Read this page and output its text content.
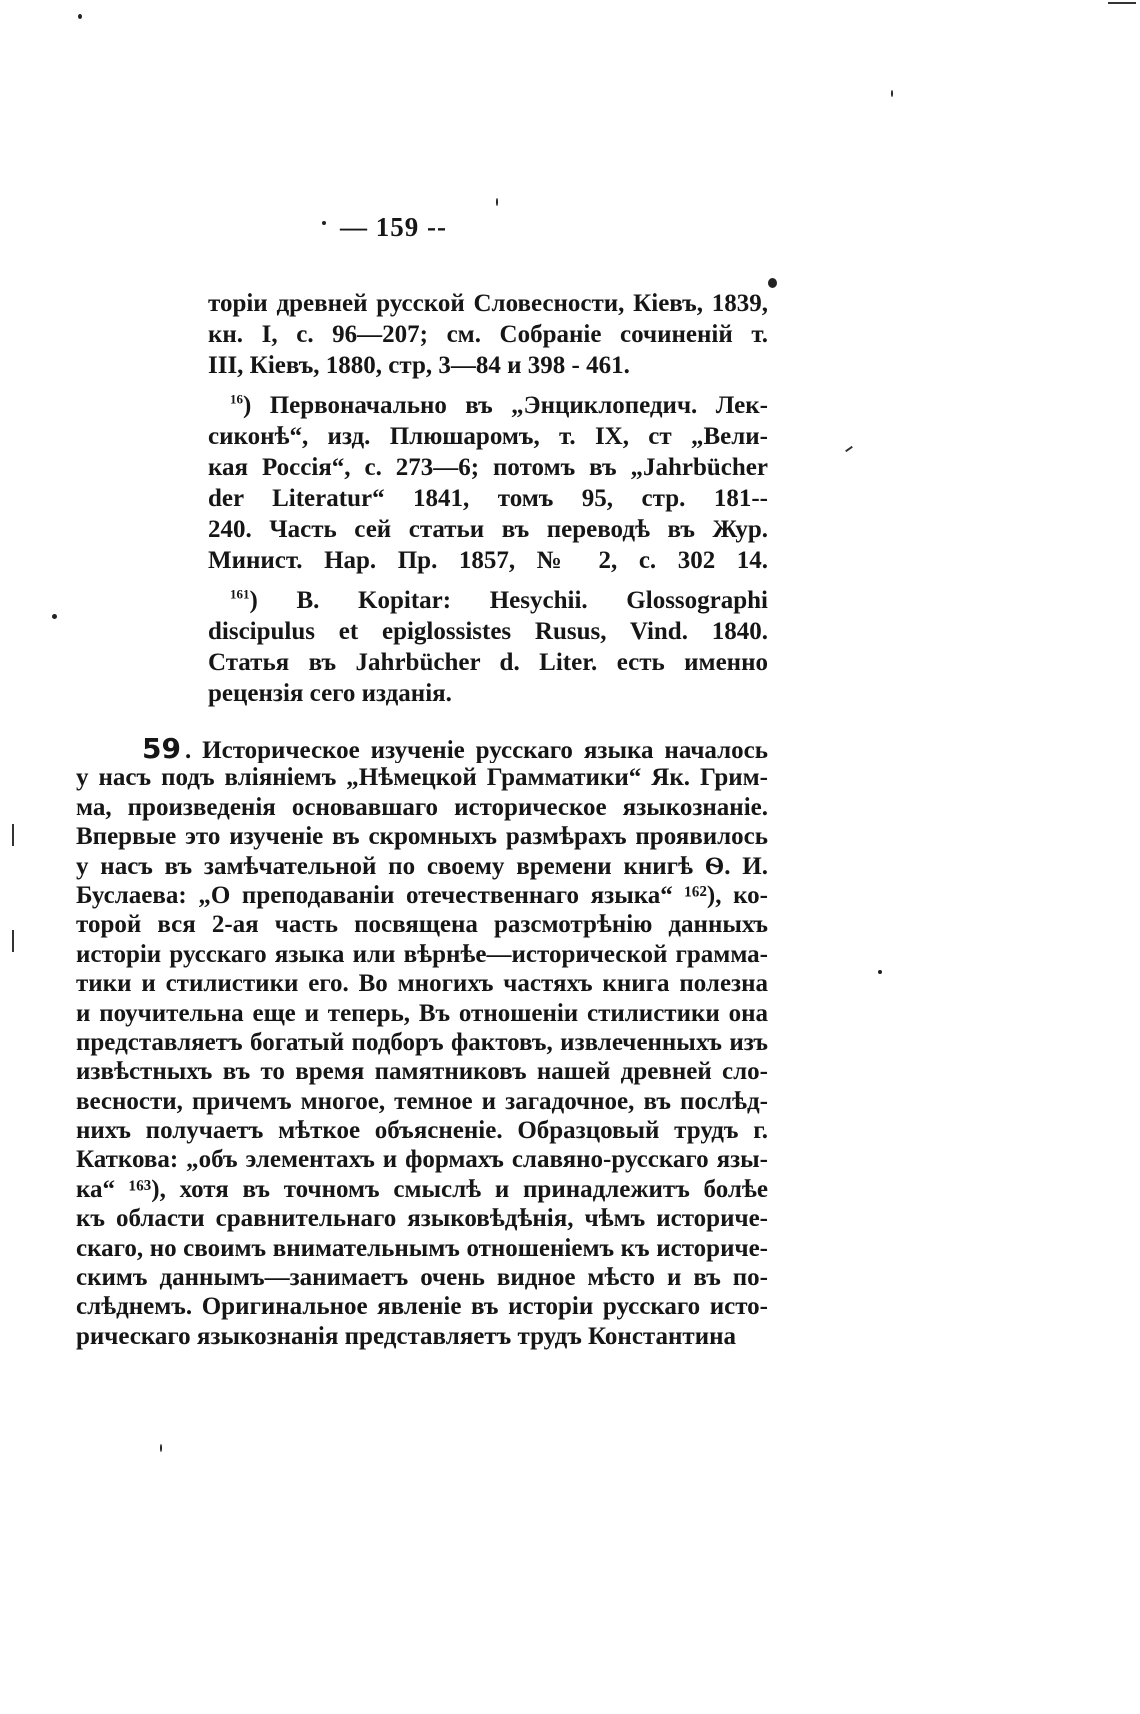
— 159 --
торіи древней русской Словесности, Кіевъ, 1839,
кн. I, с. 96—207; см. Собраніе сочиненій т.
III, Кіевъ, 1880, стр, 3—84 и 398 - 461.
$^{16}$) Первоначально въ „Энциклопедич. Лек-
сиконѣ“, изд. Плюшаромъ, т. IX, ст „Вели-
кая Россія“, с. 273—6; потомъ въ „Jahrbücher
der Literatur“ 1841, томъ 95, стр. 181--
240. Часть сей статьи въ переводѣ въ Жур.
Минист. Нар. Пр. 1857, № 2, с. 302 14.
$^{161}$) B. Kopitar: Hesychii. Glossographi
discipulus et epiglossistes Rusus, Vind. 1840.
Статья въ Jahrbücher d. Liter. есть именно
рецензія сего изданія.
59 . Историческое изученіе русскаго языка началось
у насъ подъ вліяніемъ „Нѣмецкой Грамматики“ Як. Грим-
ма, произведенія основавшаго историческое языкознаніе.
Впервые это изученіе въ скромныхъ размѣрахъ проявилось
у насъ въ замѣчательной по своему времени книгѣ Ѳ. И.
Буслаева: „О преподаваніи отечественнаго языка“ ¹⁶²), ко-
торой вся 2-ая часть посвящена разсмотрѣнію данныхъ
исторіи русскаго языка или вѣрнѣе—исторической грамма-
тики и стилистики его. Во многихъ частяхъ книга полезна
и поучительна еще и теперь, Въ отношеніи стилистики она
представляетъ богатый подборъ фактовъ, извлеченныхъ изъ
извѣстныхъ въ то время памятниковъ нашей древней сло-
весности, причемъ многое, темное и загадочное, въ послѣд-
нихъ получаетъ мѣткое объясненіе. Образцовый трудъ г.
Каткова: „объ элементахъ и формахъ славяно-русскаго язы-
ка“ ¹⁶³), хотя въ точномъ смыслѣ и принадлежитъ болѣе
къ области сравнительнаго языковѣдѣнія, чѣмъ историче-
скаго, но своимъ внимательнымъ отношеніемъ къ историче-
скимъ даннымъ—занимаетъ очень видное мѣсто и въ по-
слѣднемъ. Оригинальное явленіе въ исторіи русскаго исто-
рическаго языкознанія представляетъ трудъ Константина
